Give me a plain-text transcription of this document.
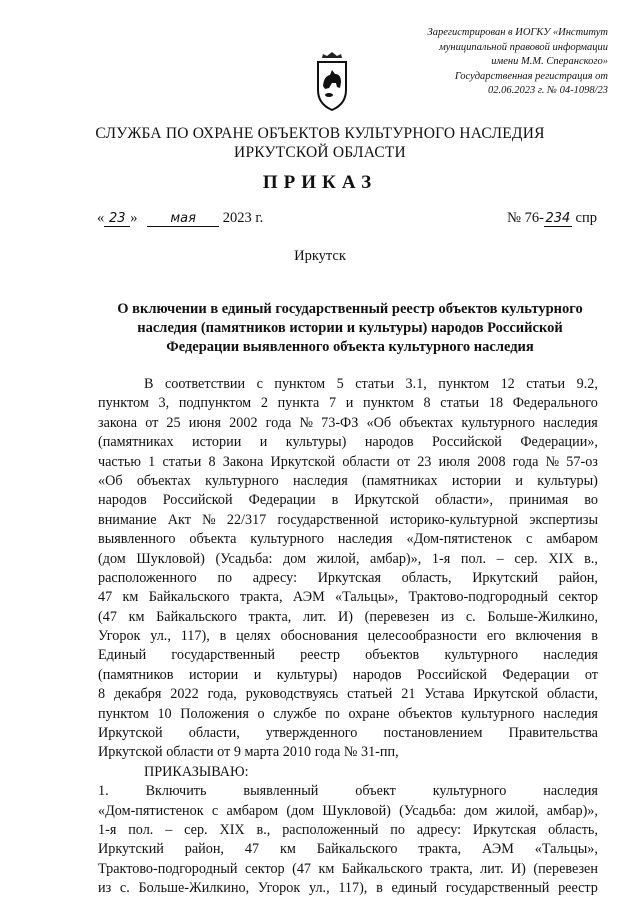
Зарегистрирован в ИОГКУ «Институт
муниципальной правовой информации
имени М.М. Сперанского»
Государственная регистрация от
02.06.2023 г. № 04-1098/23
СЛУЖБА ПО ОХРАНЕ ОБЪЕКТОВ КУЛЬТУРНОГО НАСЛЕДИЯ
ИРКУТСКОЙ ОБЛАСТИ
ПРИКАЗ
« 23 »	мая 2023 г.	№ 76- 234 спр
Иркутск
О включении в единый государственный реестр объектов культурного
наследия (памятников истории и культуры) народов Российской
Федерации выявленного объекта культурного наследия
В соответствии с пунктом 5 статьи 3.1, пунктом 12 статьи 9.2,
пунктом 3, подпунктом 2 пункта 7 и пунктом 8 статьи 18 Федерального
закона от 25 июня 2002 года № 73-ФЗ «Об объектах культурного наследия
(памятниках истории и культуры) народов Российской Федерации»,
частью 1 статьи 8 Закона Иркутской области от 23 июля 2008 года № 57-оз
«Об объектах культурного наследия (памятниках истории и культуры)
народов Российской Федерации в Иркутской области», принимая во
внимание Акт № 22/317 государственной историко-культурной экспертизы
выявленного объекта культурного наследия «Дом-пятистенок с амбаром
(дом Шукловой) (Усадьба: дом жилой, амбар)», 1-я пол. – сер. XIX в.,
расположенного по адресу: Иркутская область, Иркутский район,
47 км Байкальского тракта, АЭМ «Тальцы», Трактово-подгородный сектор
(47 км Байкальского тракта, лит. И) (перевезен из с. Больше-Жилкино,
Угорок ул., 117), в целях обоснования целесообразности его включения в
Единый государственный реестр объектов культурного наследия
(памятников истории и культуры) народов Российской Федерации от
8 декабря 2022 года, руководствуясь статьей 21 Устава Иркутской области,
пунктом 10 Положения о службе по охране объектов культурного наследия
Иркутской области, утвержденного постановлением Правительства
Иркутской области от 9 марта 2010 года № 31-пп,
ПРИКАЗЫВАЮ:
1.	Включить	выявленный	объект	культурного	наследия
«Дом-пятистенок с амбаром (дом Шукловой) (Усадьба: дом жилой, амбар)»,
1-я пол. – сер. XIX в., расположенный по адресу: Иркутская область,
Иркутский район, 47 км Байкальского тракта, АЭМ «Тальцы»,
Трактово-подгородный сектор (47 км Байкальского тракта, лит. И) (перевезен
из с. Больше-Жилкино, Угорок ул., 117), в единый государственный реестр
